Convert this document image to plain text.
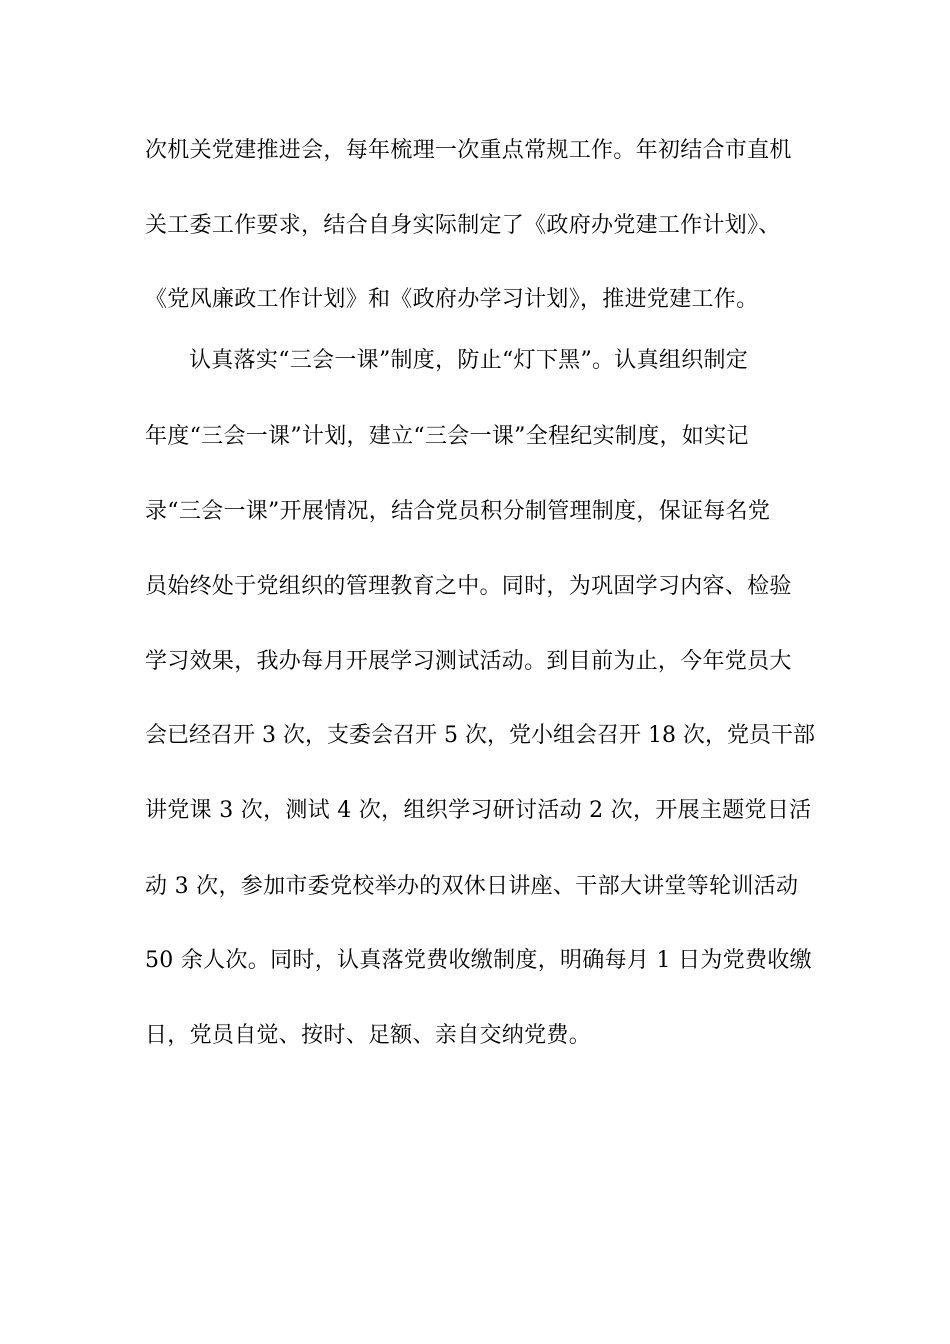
次机关党建推进会，每年梳理一次重点常规工作。年初结合市直机
关工委工作要求，结合自身实际制定了《政府办党建工作计划》、
《党风廉政工作计划》和《政府办学习计划》，推进党建工作。
认真落实“三会一课”制度，防止“灯下黑”。认真组织制定
年度“三会一课”计划，建立“三会一课”全程纪实制度，如实记
录“三会一课”开展情况，结合党员积分制管理制度，保证每名党
员始终处于党组织的管理教育之中。同时，为巩固学习内容、检验
学习效果，我办每月开展学习测试活动。到目前为止，今年党员大
会已经召开 3 次，支委会召开 5 次，党小组会召开 18 次，党员干部
讲党课 3 次，测试 4 次，组织学习研讨活动 2 次，开展主题党日活
动 3 次，参加市委党校举办的双休日讲座、干部大讲堂等轮训活动
50 余人次。同时，认真落党费收缴制度，明确每月 1 日为党费收缴
日，党员自觉、按时、足额、亲自交纳党费。
